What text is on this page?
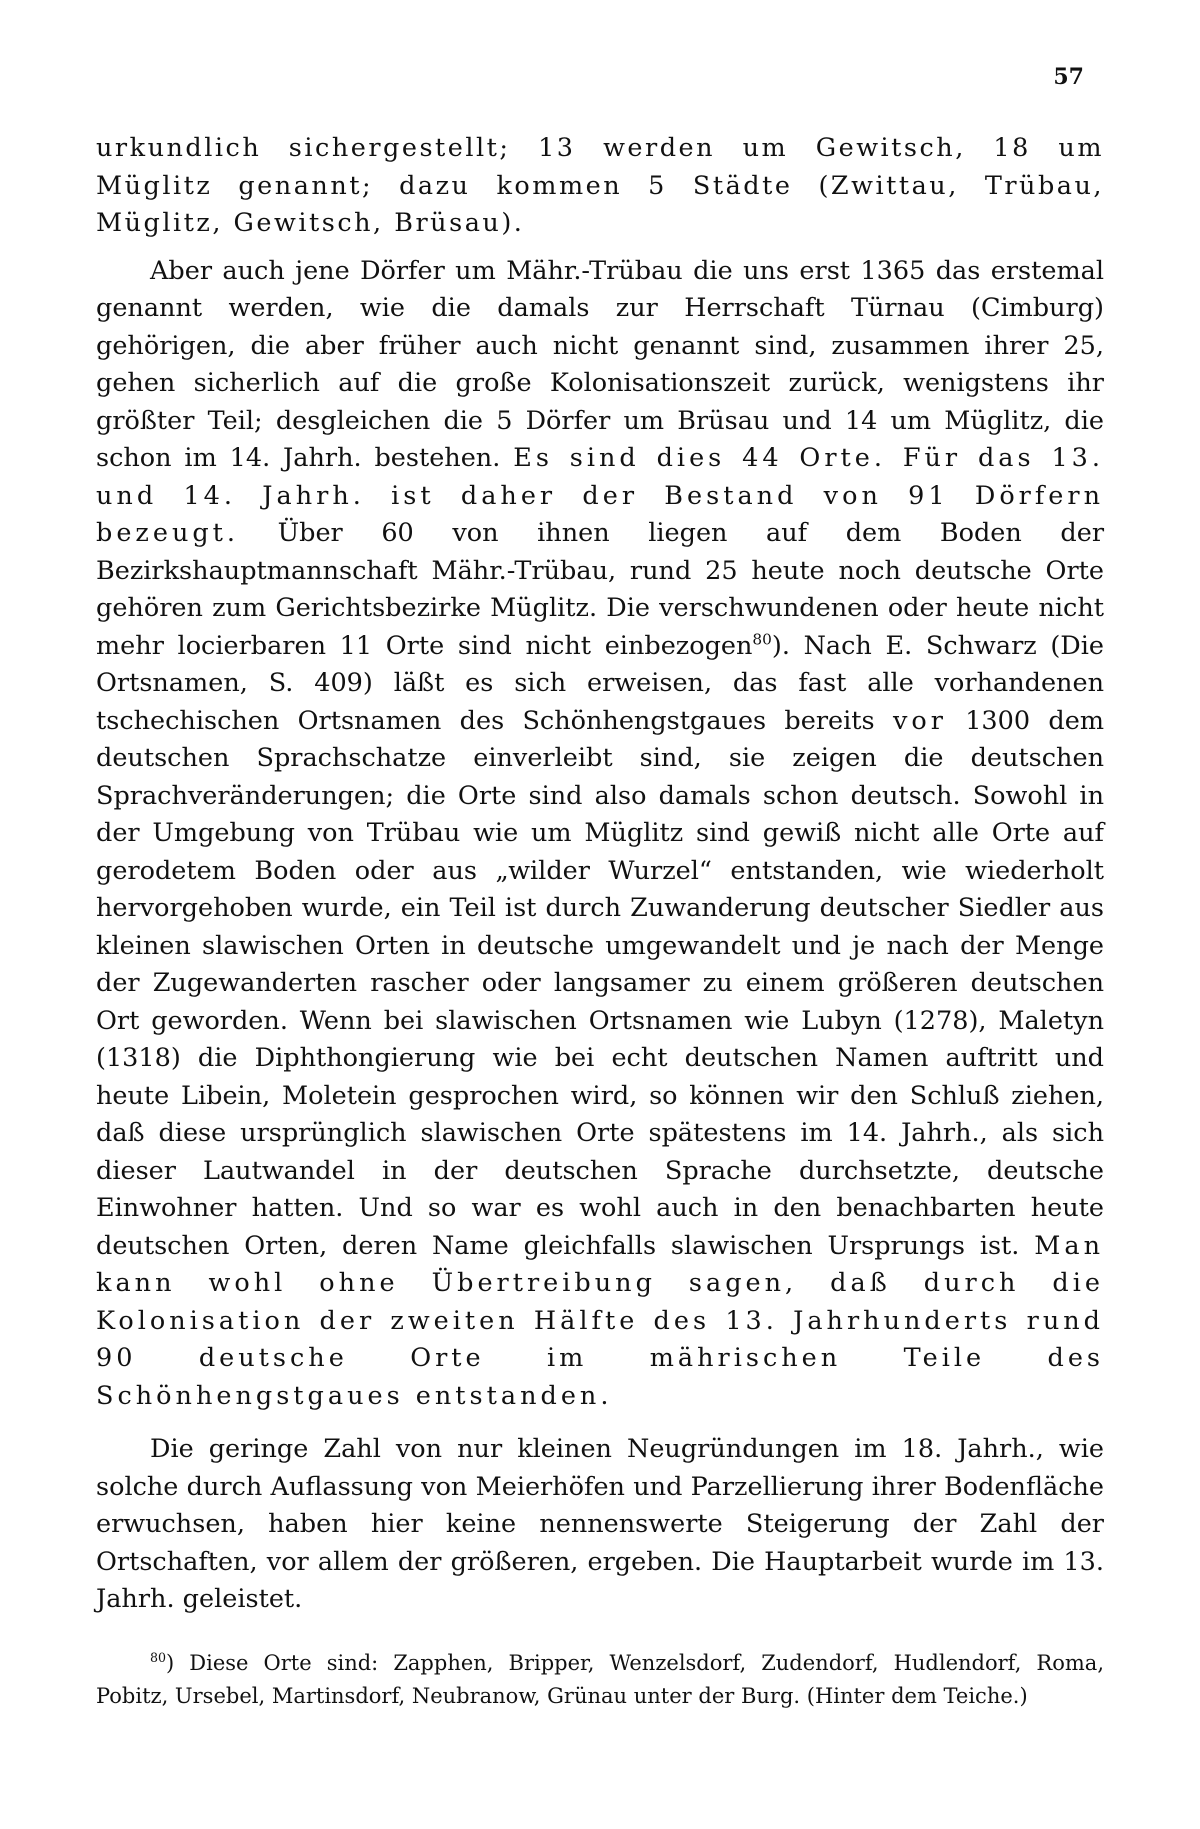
57

urkundlich sichergestellt; 13 werden um Gewitsch, 18 um Müglitz genannt; dazu kommen 5 Städte (Zwittau, Trübau, Müglitz, Gewitsch, Brüsau).

Aber auch jene Dörfer um Mähr.-Trübau die uns erst 1365 das erstemal genannt werden, wie die damals zur Herrschaft Türnau (Cimburg) gehörigen, die aber früher auch nicht genannt sind, zusammen ihrer 25, gehen sicherlich auf die große Kolonisationszeit zurück, wenigstens ihr größter Teil; desgleichen die 5 Dörfer um Brüsau und 14 um Müglitz, die schon im 14. Jahrh. bestehen. Es sind dies 44 Orte. Für das 13. und 14. Jahrh. ist daher der Bestand von 91 Dörfern bezeugt. Über 60 von ihnen liegen auf dem Boden der Bezirkshauptmannschaft Mähr.-Trübau, rund 25 heute noch deutsche Orte gehören zum Gerichtsbezirke Müglitz. Die verschwundenen oder heute nicht mehr locierbaren 11 Orte sind nicht einbezogen$^{80}$). Nach E. Schwarz (Die Ortsnamen, S. 409) läßt es sich erweisen, das fast alle vorhandenen tschechischen Ortsnamen des Schönhengstgaues bereits vor 1300 dem deutschen Sprachschatze einverleibt sind, sie zeigen die deutschen Sprachveränderungen; die Orte sind also damals schon deutsch. Sowohl in der Umgebung von Trübau wie um Müglitz sind gewiß nicht alle Orte auf gerodetem Boden oder aus „wilder Wurzel“ entstanden, wie wiederholt hervorgehoben wurde, ein Teil ist durch Zuwanderung deutscher Siedler aus kleinen slawischen Orten in deutsche umgewandelt und je nach der Menge der Zugewanderten rascher oder langsamer zu einem größeren deutschen Ort geworden. Wenn bei slawischen Ortsnamen wie Lubyn (1278), Maletyn (1318) die Diphthongierung wie bei echt deutschen Namen auftritt und heute Libein, Moletein gesprochen wird, so können wir den Schluß ziehen, daß diese ursprünglich slawischen Orte spätestens im 14. Jahrh., als sich dieser Lautwandel in der deutschen Sprache durchsetzte, deutsche Einwohner hatten. Und so war es wohl auch in den benachbarten heute deutschen Orten, deren Name gleichfalls slawischen Ursprungs ist. Man kann wohl ohne Übertreibung sagen, daß durch die Kolonisation der zweiten Hälfte des 13. Jahrhunderts rund 90 deutsche Orte im mährischen Teile des Schönhengstgaues entstanden.

Die geringe Zahl von nur kleinen Neugründungen im 18. Jahrh., wie solche durch Auflassung von Meierhöfen und Parzellierung ihrer Bodenfläche erwuchsen, haben hier keine nennenswerte Steigerung der Zahl der Ortschaften, vor allem der größeren, ergeben. Die Hauptarbeit wurde im 13. Jahrh. geleistet.

$^{80}$) Diese Orte sind: Zapphen, Bripper, Wenzelsdorf, Zudendorf, Hudlendorf, Roma, Pobitz, Ursebel, Martinsdorf, Neubranow, Grünau unter der Burg. (Hinter dem Teiche.)
